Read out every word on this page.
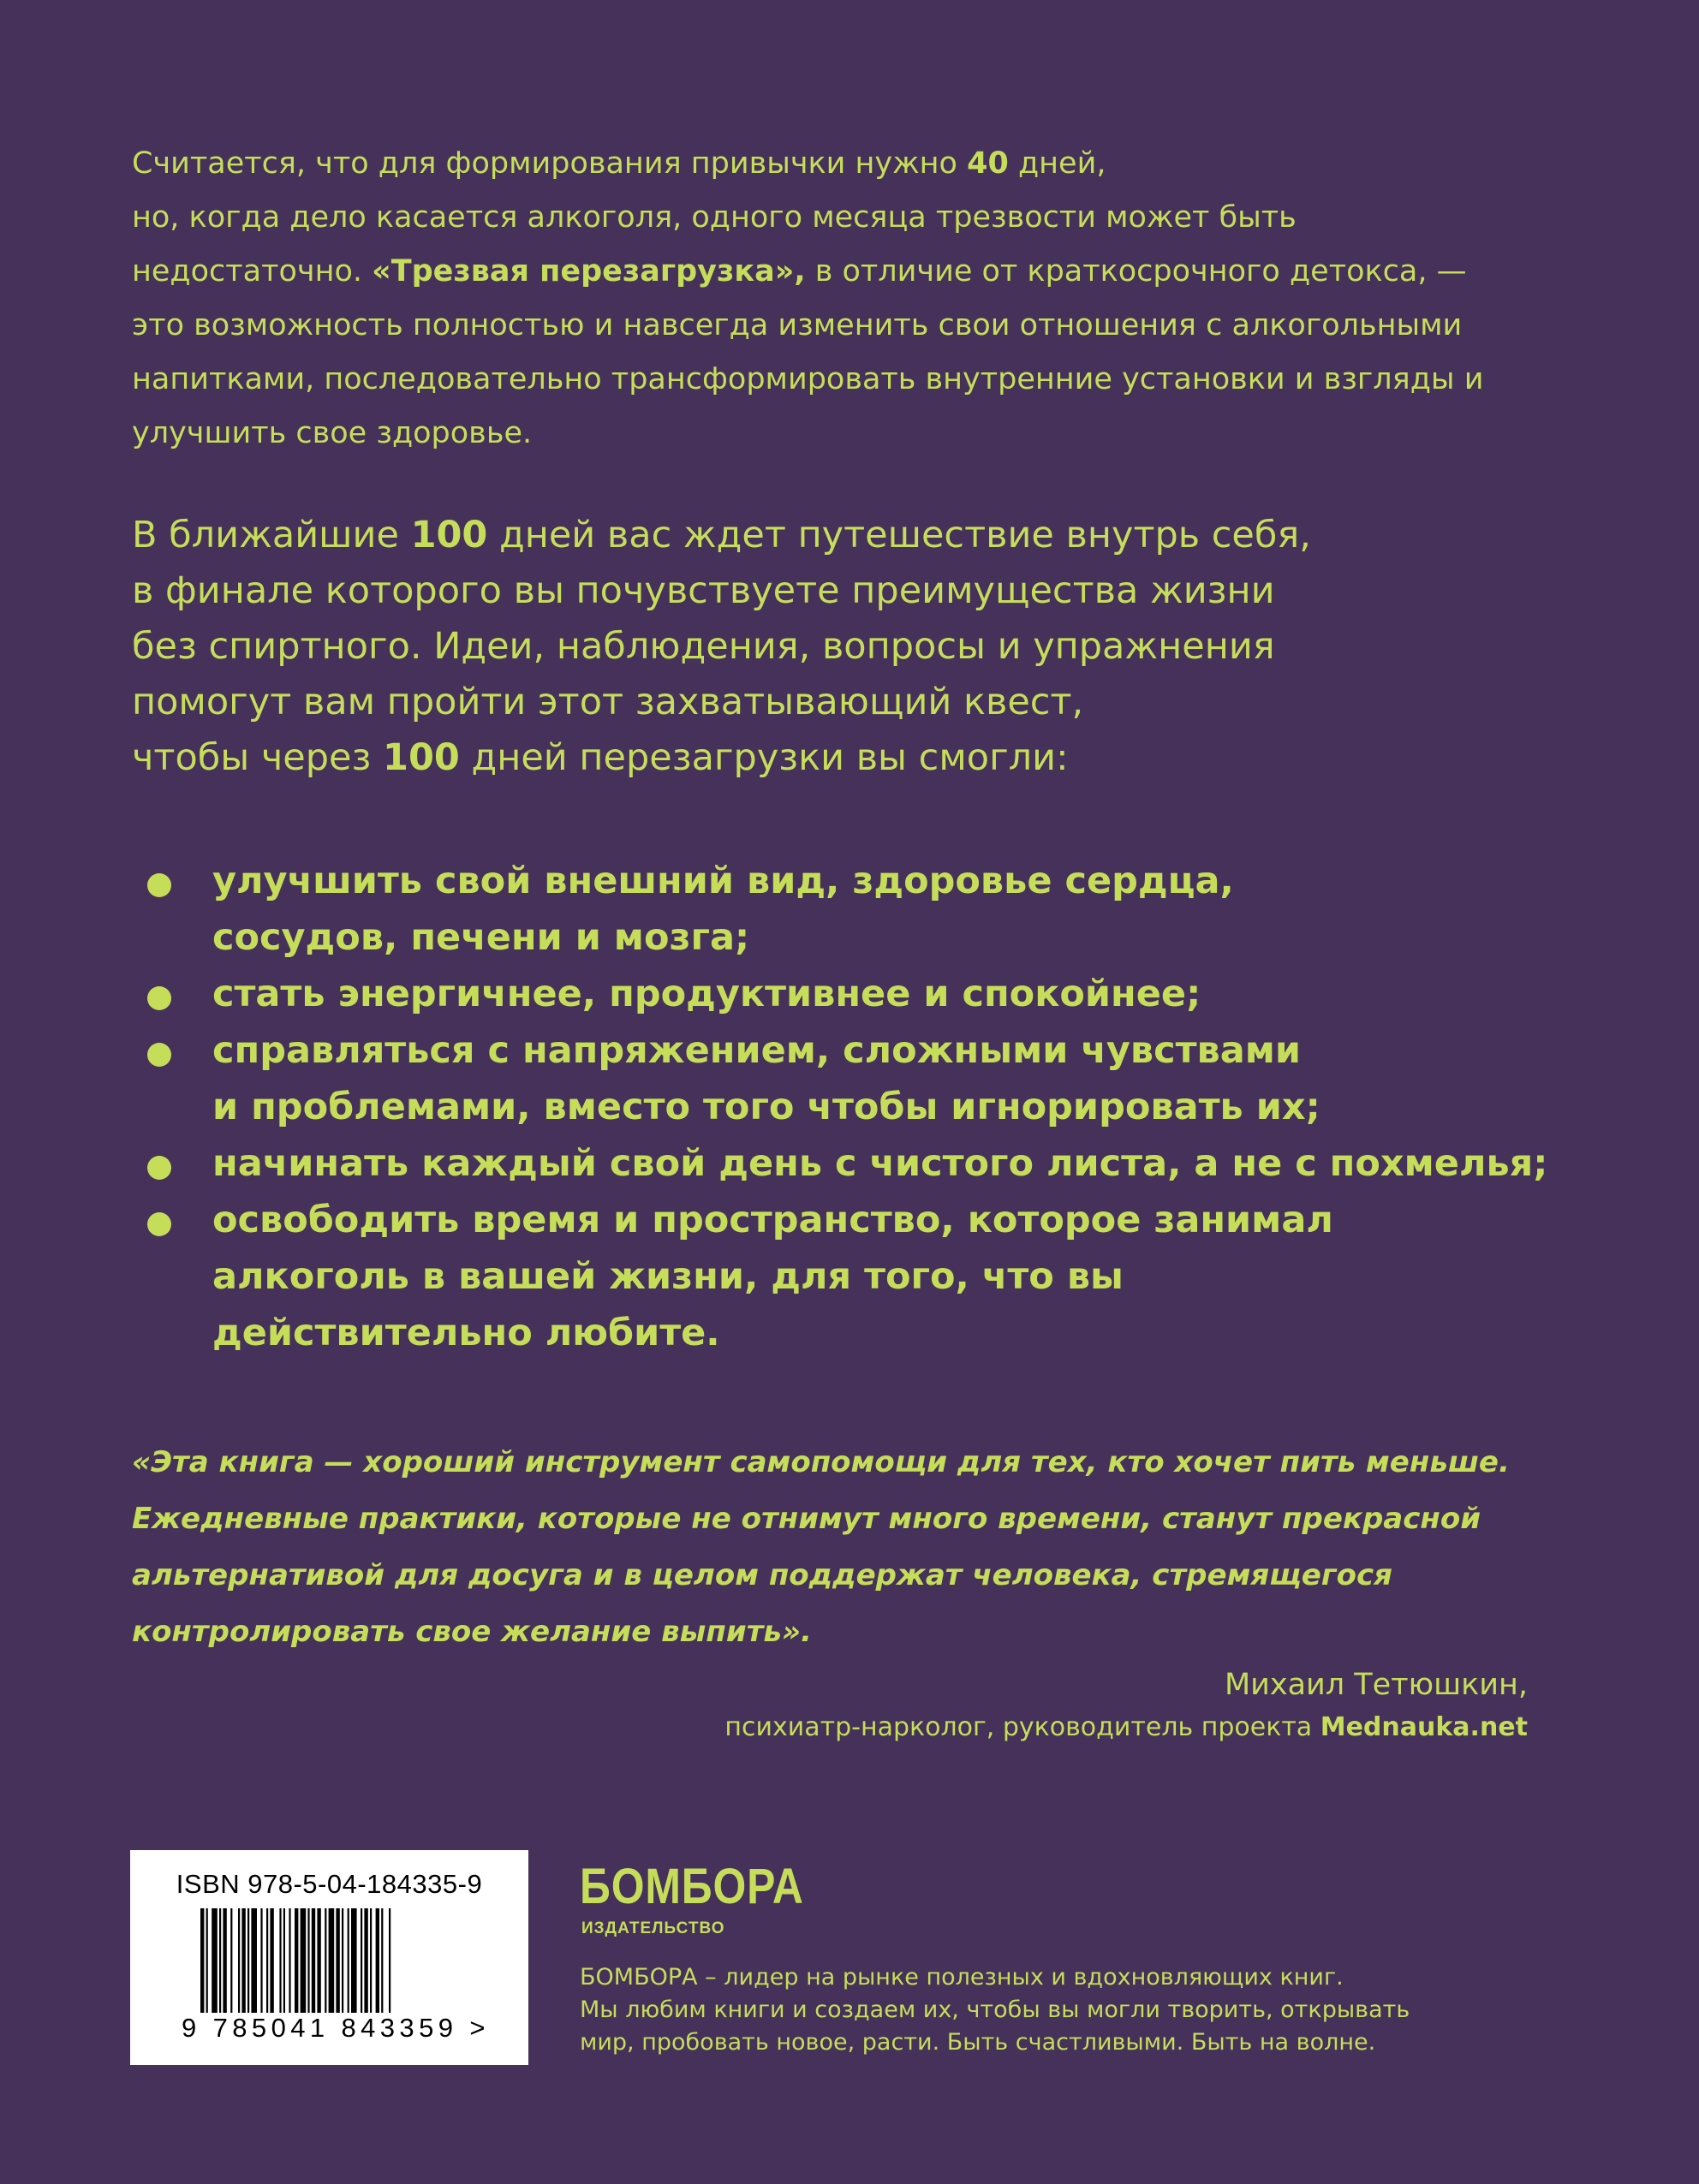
Считается, что для формирования привычки нужно 40 дней,
но, когда дело касается алкоголя, одного месяца трезвости может быть недостаточно. «Трезвая перезагрузка», в отличие от краткосрочного детокса, — это возможность полностью и навсегда изменить свои отношения с алкогольными напитками, последовательно трансформировать внутренние установки и взгляды и улучшить свое здоровье.

В ближайшие 100 дней вас ждет путешествие внутрь себя,
в финале которого вы почувствуете преимущества жизни
без спиртного. Идеи, наблюдения, вопросы и упражнения
помогут вам пройти этот захватывающий квест,
чтобы через 100 дней перезагрузки вы смогли:

улучшить свой внешний вид, здоровье сердца,
сосудов, печени и мозга;
стать энергичнее, продуктивнее и спокойнее;
справляться с напряжением, сложными чувствами
и проблемами, вместо того чтобы игнорировать их;
начинать каждый свой день с чистого листа, а не с похмелья;
освободить время и пространство, которое занимал
алкоголь в вашей жизни, для того, что вы
действительно любите.

«Эта книга — хороший инструмент самопомощи для тех, кто хочет пить меньше.
Ежедневные практики, которые не отнимут много времени, станут прекрасной
альтернативой для досуга и в целом поддержат человека, стремящегося
контролировать свое желание выпить».

Михаил Тетюшкин,
психиатр-нарколог, руководитель проекта Mednauka.net
ISBN 978-5-04-184335-9
9 785041 843359 >
БОМБОРА
ИЗДАТЕЛЬСТВО

БОМБОРА – лидер на рынке полезных и вдохновляющих книг.
Мы любим книги и создаем их, чтобы вы могли творить, открывать
мир, пробовать новое, расти. Быть счастливыми. Быть на волне.
